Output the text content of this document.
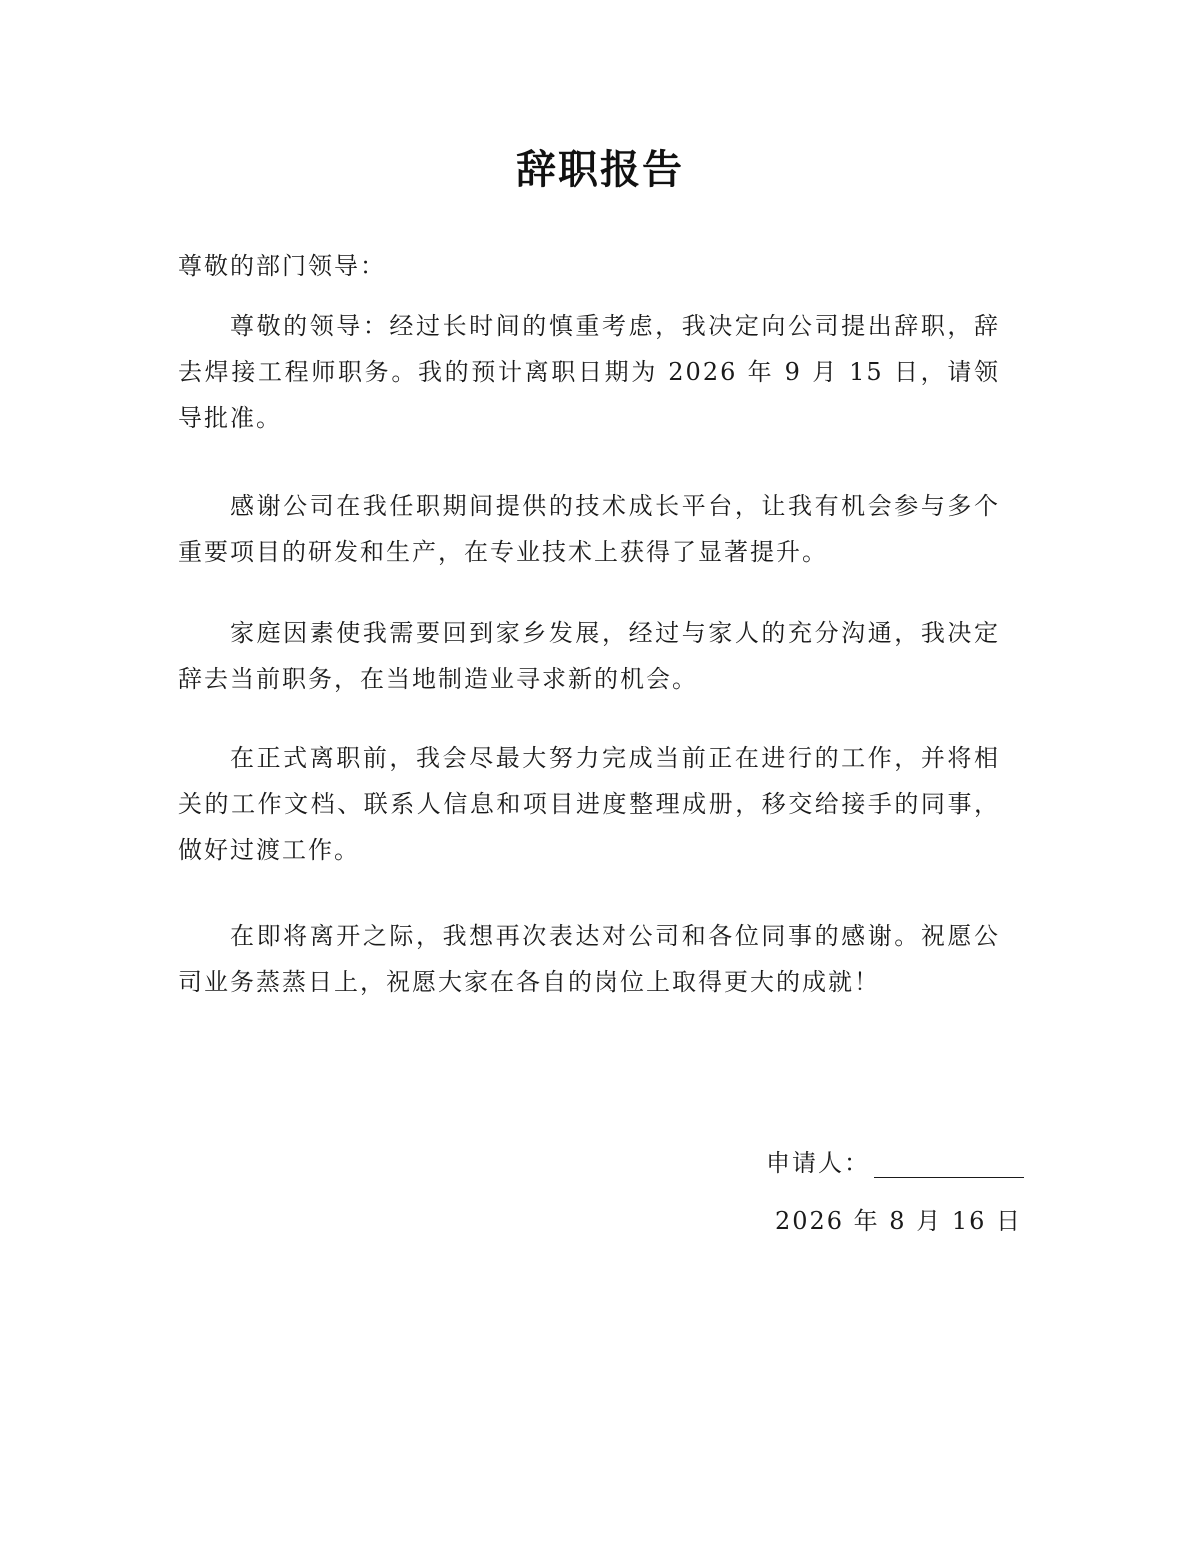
辞职报告
尊敬的部门领导：
尊敬的领导：经过长时间的慎重考虑，我决定向公司提出辞职，辞去焊接工程师职务。我的预计离职日期为 2026 年 9 月 15 日，请领导批准。
感谢公司在我任职期间提供的技术成长平台，让我有机会参与多个重要项目的研发和生产，在专业技术上获得了显著提升。
家庭因素使我需要回到家乡发展，经过与家人的充分沟通，我决定辞去当前职务，在当地制造业寻求新的机会。
在正式离职前，我会尽最大努力完成当前正在进行的工作，并将相关的工作文档、联系人信息和项目进度整理成册，移交给接手的同事，做好过渡工作。
在即将离开之际，我想再次表达对公司和各位同事的感谢。祝愿公司业务蒸蒸日上，祝愿大家在各自的岗位上取得更大的成就！
申请人：
2026 年 8 月 16 日
